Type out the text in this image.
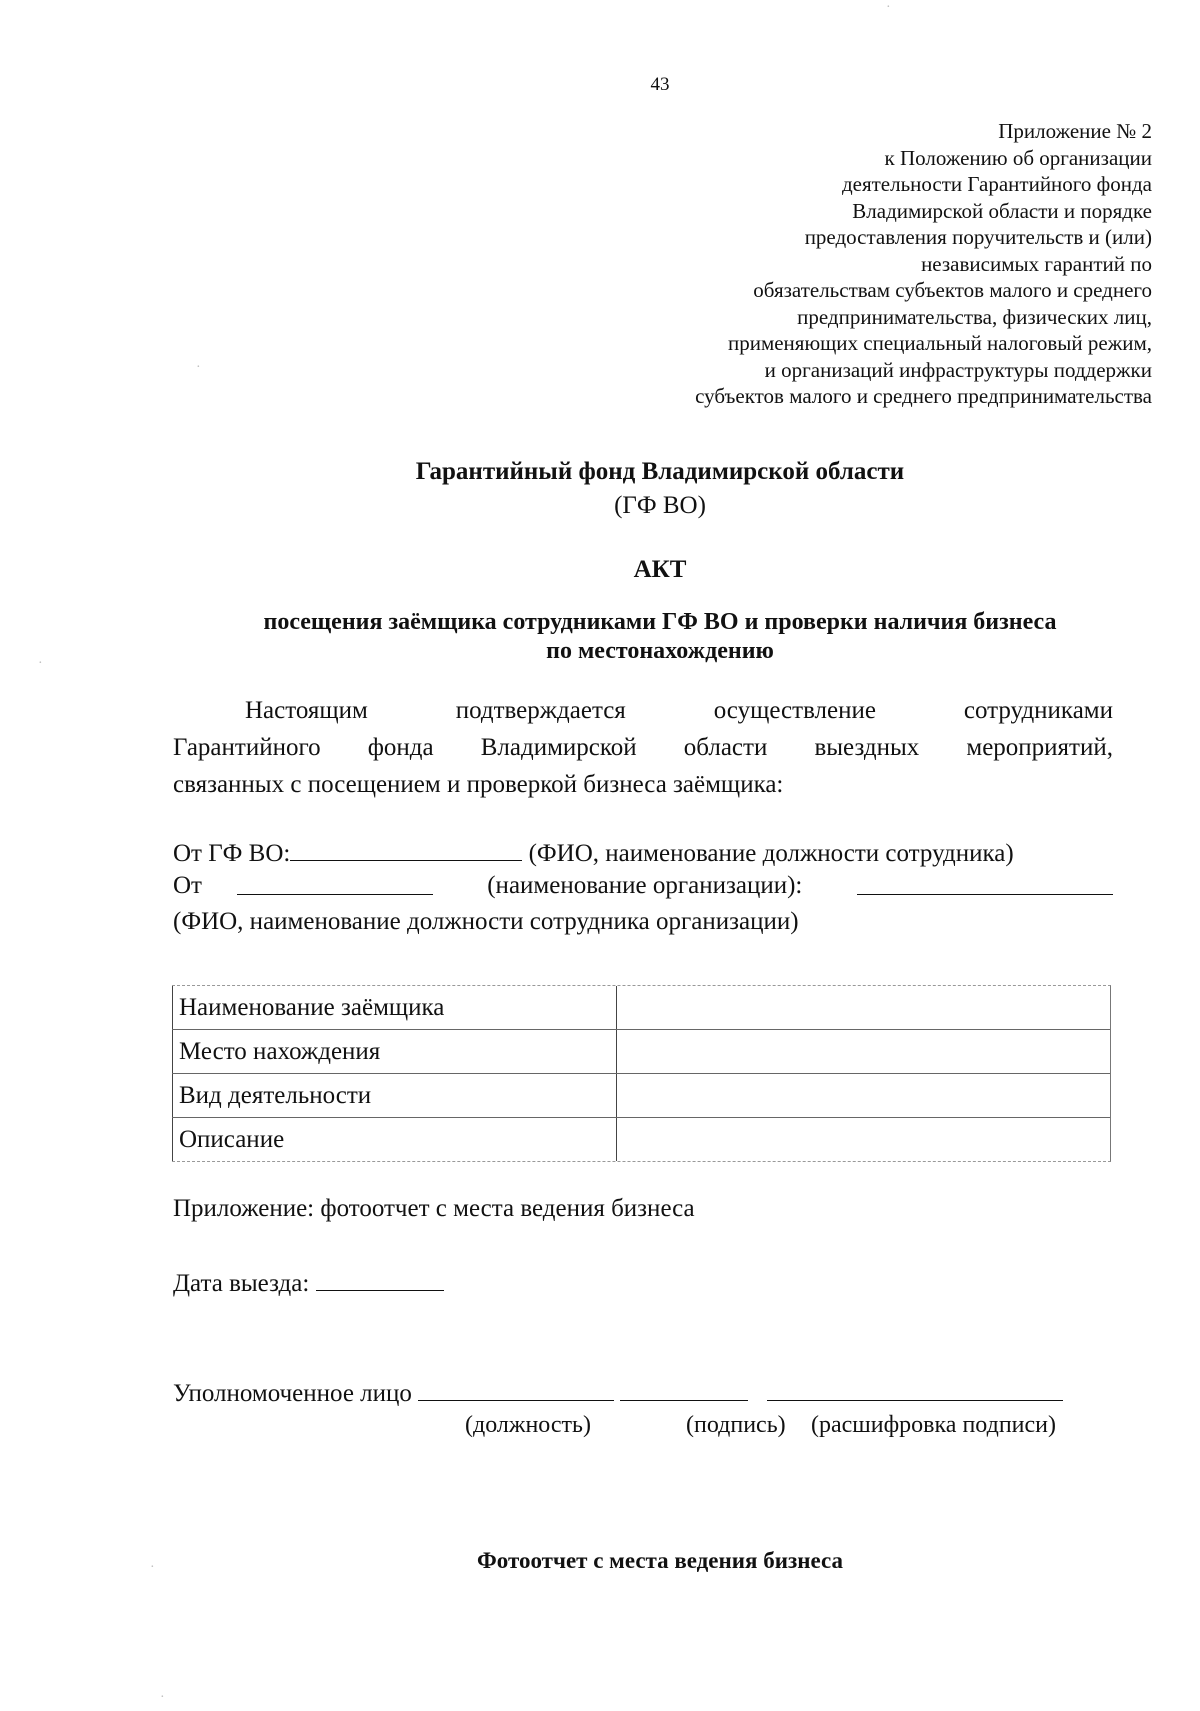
43
Приложение № 2
к Положению об организации
деятельности Гарантийного фонда
Владимирской области и порядке
предоставления поручительств и (или)
независимых гарантий по
обязательствам субъектов малого и среднего
предпринимательства, физических лиц,
применяющих специальный налоговый режим,
и организаций инфраструктуры поддержки
субъектов малого и среднего предпринимательства
Гарантийный фонд Владимирской области
(ГФ ВО)
АКТ
посещения заёмщика сотрудниками ГФ ВО и проверки наличия бизнеса
по местонахождению
Настоящим	подтверждается	осуществление	сотрудниками
Гарантийного фонда Владимирской области выездных мероприятий,
связанных с посещением и проверкой бизнеса заёмщика:
От ГФ ВО:	(ФИО, наименование должности сотрудника)
От	(наименование организации):
(ФИО, наименование должности сотрудника организации)
Наименование заёмщика
Место нахождения
Вид деятельности
Описание
Приложение: фотоотчет с места ведения бизнеса
Дата выезда:
Уполномоченное лицо
(должность)	(подпись) (расшифровка подписи)
Фотоотчет с места ведения бизнеса
·
·
·
·
·
